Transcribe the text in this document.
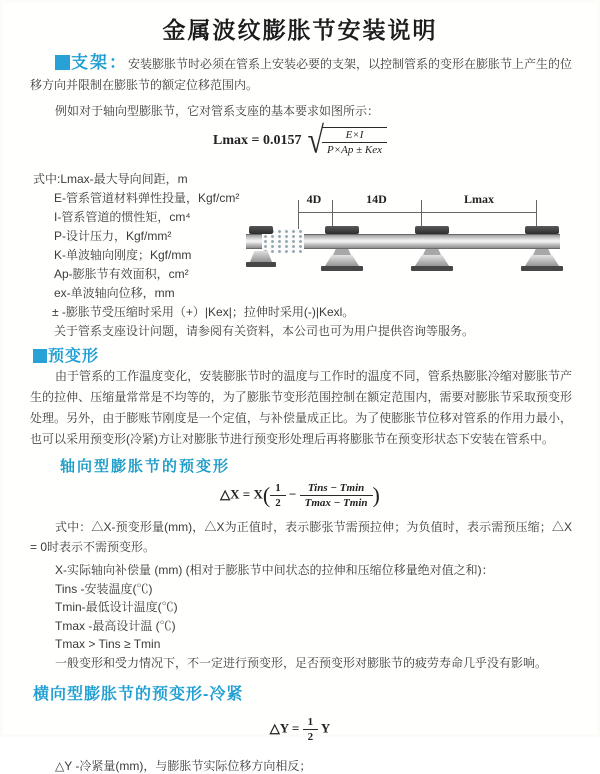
金属波纹膨胀节安装说明

支架：安装膨胀节时必须在管系上安装必要的支架，以控制管系的变形在膨胀节上产生的位移方向并限制在膨胀节的额定位移范围内。

例如对于轴向型膨胀节，它对管系支座的基本要求如图所示：

Lmax = 0.0157 √
$\frac{E\times I}{\text{P×Ap ± Kex}}$
式中:Lmax-最大导向间距，m
E-管系管道材料弹性投量，Kgf/cm²
I-管系管道的惯性矩，cm⁴
P-设计压力，Kgf/mm²
K-单波轴向刚度；Kgf/mm
Ap-膨胀节有效面积，cm²
ex-单波轴向位移，mm
± -膨胀节受压缩时采用（+）|Kex|；拉伸时采用(-)|Kexl。
关于管系支座设计问题，请参阅有关资料，本公司也可为用户提供咨询等服务。
4D	14D	Lmax
预变形

由于管系的工作温度变化，安装膨胀节时的温度与工作时的温度不同，管系热膨胀冷缩对膨胀节产生的拉伸、压缩量常常是不均等的，为了膨胀节变形范围控制在额定范围内，需要对膨胀节采取预变形处理。另外，由于膨账节刚度是一个定值，与补偿量成正比。为了使膨胀节位移对管系的作用力最小，也可以采用预变形(冷紧)方让对膨胀节进行预变形处理后再将膨胀节在预变形状态下安装在管系中。

轴向型膨胀节的预变形
△X = $X( \frac{1}{2} - \frac{\text{Tins − Tmin}}{Tmax - Tmin}$ )

式中：△X-预变形量(mm)，△X为正值时，表示膨张节需预拉伸；为负值时，表示需预压缩；△X = 0时表示不需预变形。

X-实际轴向补偿量 (mm) (相对于膨胀节中间状态的拉伸和压缩位移量绝对值之和)：
Tins -安装温度(℃)
Tmin-最低设计温度(℃)
Tmax -最高设计温 (℃)
Tmax > Tins ≥ Tmin
一般变形和受力情况下，不一定进行预变形，足否预变形对膨胀节的疲劳寿命几乎没有影响。
横向型膨胀节的预变形-冷紧
△Y = $\frac{1}{2}$ Y
△Y -冷紧量(mm)，与膨胀节实际位移方向相反；
